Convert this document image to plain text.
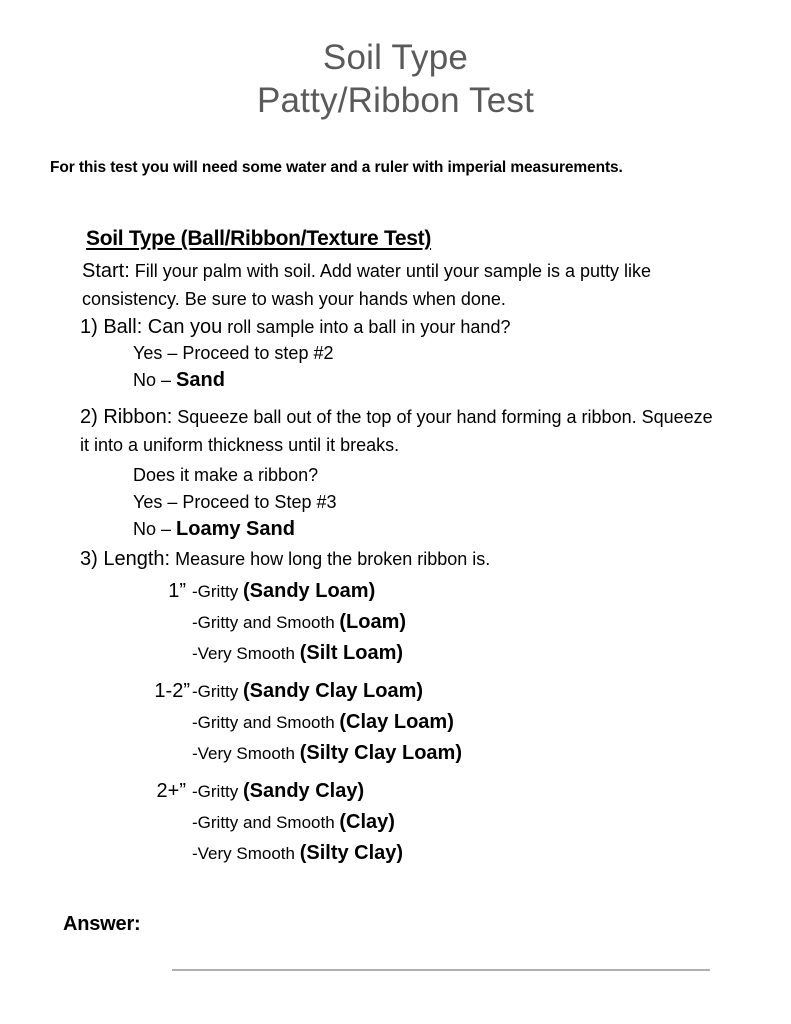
Soil Type
Patty/Ribbon Test
For this test you will need some water and a ruler with imperial measurements.
Soil Type (Ball/Ribbon/Texture Test)
Start: Fill your palm with soil. Add water until your sample is a putty like consistency. Be sure to wash your hands when done.
1) Ball: Can you roll sample into a ball in your hand?
Yes – Proceed to step #2
No – Sand
2) Ribbon: Squeeze ball out of the top of your hand forming a ribbon. Squeeze it into a uniform thickness until it breaks.
Does it make a ribbon?
Yes – Proceed to Step #3
No – Loamy Sand
3) Length: Measure how long the broken ribbon is.
1” -Gritty (Sandy Loam)
-Gritty and Smooth (Loam)
-Very Smooth (Silt Loam)
1-2” -Gritty (Sandy Clay Loam)
-Gritty and Smooth (Clay Loam)
-Very Smooth (Silty Clay Loam)
2+” -Gritty (Sandy Clay)
-Gritty and Smooth (Clay)
-Very Smooth (Silty Clay)
Answer:
